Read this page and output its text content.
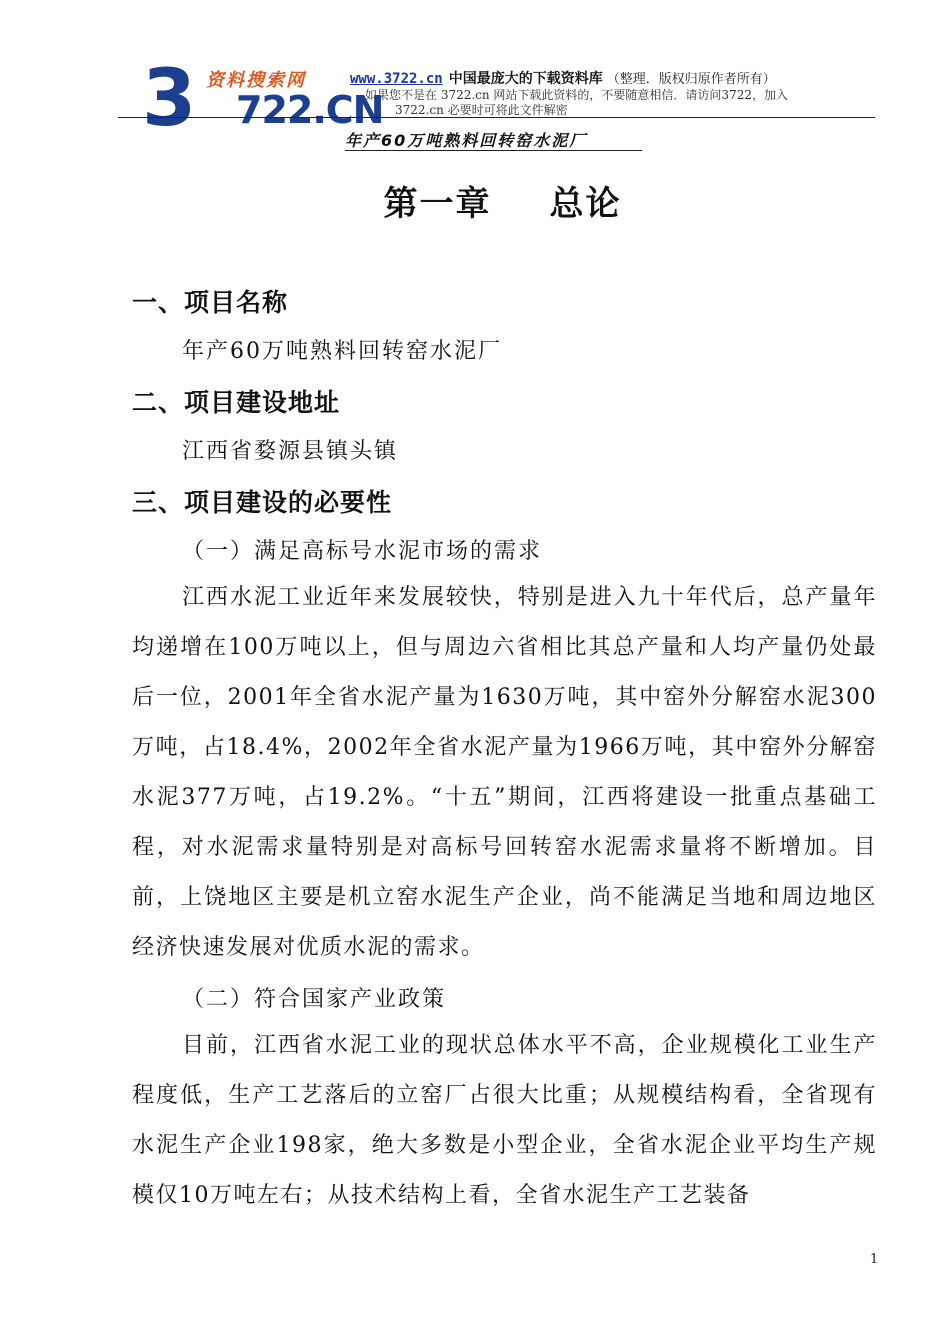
资料搜索网
3 722.CN
www.3722.cn 中国最庞大的下载资料库 （整理．版权归原作者所有）
如果您不是在 3722.cn 网站下载此资料的，不要随意相信．请访问3722，加入
3722.cn 必要时可将此文件解密
年产60万吨熟料回转窑水泥厂
第一章 总论
一、项目名称
年产60万吨熟料回转窑水泥厂
二、项目建设地址
江西省婺源县镇头镇
三、项目建设的必要性
（一）满足高标号水泥市场的需求
江西水泥工业近年来发展较快，特别是进入九十年代后，总产量年均递增在100万吨以上，但与周边六省相比其总产量和人均产量仍处最后一位，2001年全省水泥产量为1630万吨，其中窑外分解窑水泥300万吨，占18.4%，2002年全省水泥产量为1966万吨，其中窑外分解窑水泥377万吨，占19.2%。“十五”期间，江西将建设一批重点基础工程，对水泥需求量特别是对高标号回转窑水泥需求量将不断增加。目前，上饶地区主要是机立窑水泥生产企业，尚不能满足当地和周边地区经济快速发展对优质水泥的需求。
（二）符合国家产业政策
目前，江西省水泥工业的现状总体水平不高，企业规模化工业生产程度低，生产工艺落后的立窑厂占很大比重；从规模结构看，全省现有水泥生产企业198家，绝大多数是小型企业，全省水泥企业平均生产规模仅10万吨左右；从技术结构上看，全省水泥生产工艺装备
1
